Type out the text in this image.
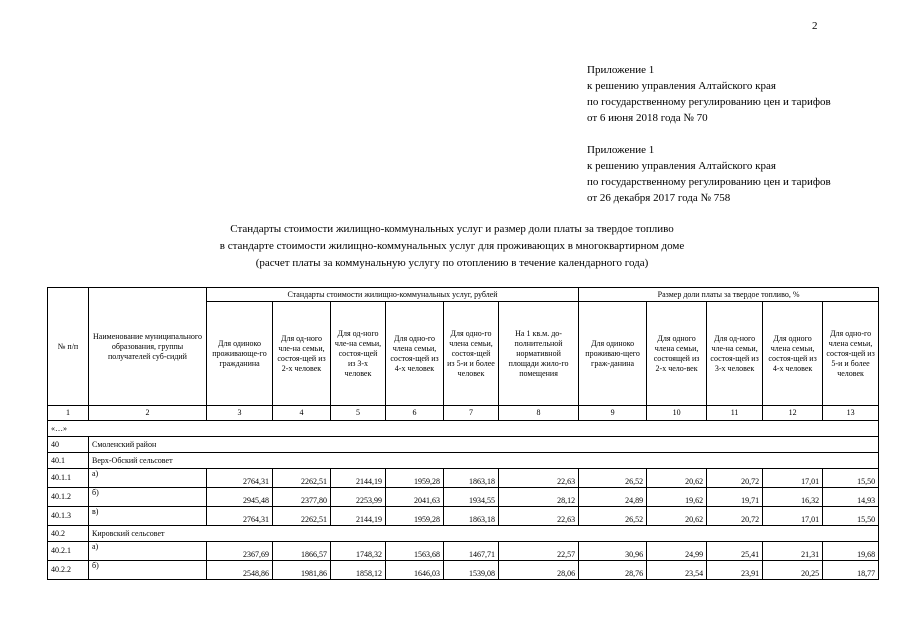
2
Приложение 1
к решению управления Алтайского края
по государственному регулированию цен и тарифов
от 6 июня 2018 года № 70
Приложение 1
к решению управления Алтайского края
по государственному регулированию цен и тарифов
от 26 декабря 2017 года № 758
Стандарты стоимости жилищно-коммунальных услуг и размер доли платы за твердое топливо
в стандарте стоимости жилищно-коммунальных услуг для проживающих в многоквартирном доме
(расчет платы за коммунальную услугу по отоплению в течение календарного года)
№ п/п	Наименование муниципального образования, группы получателей суб-сидий	Стандарты стоимости жилищно-коммунальных услуг, рублей						Размер доли платы за твердое топливо, %				
		Для одиноко проживающе-го гражданина	Для од-ного чле-на семьи, состоя-щей из 2-х человек	Для од-ного чле-на семьи, состоя-щей из 3-х человек	Для одно-го члена семьи, состоя-щей из 4-х человек	Для одно-го члена семьи, состоя-щей из 5-и и более человек	На 1 кв.м. до-полнительной нормативной площади жило-го помещения	Для одиноко проживаю-щего граж-данина	Для одного члена семьи, состоящей из 2-х чело-век	Для од-ного чле-на семьи, состоя-щей из 3-х человек	Для одного члена семьи, состоя-щей из 4-х человек	Для одно-го члена семьи, состоя-щей из 5-и и более человек
1	2	3	4	5	6	7	8	9	10	11	12	13
«…»												
40	Смоленский район											
40.1	Верх-Обский сельсовет											
40.1.1	а)	2764,31	2262,51	2144,19	1959,28	1863,18	22,63	26,52	20,62	20,72	17,01	15,50
40.1.2	б)	2945,48	2377,80	2253,99	2041,63	1934,55	28,12	24,89	19,62	19,71	16,32	14,93
40.1.3	в)	2764,31	2262,51	2144,19	1959,28	1863,18	22,63	26,52	20,62	20,72	17,01	15,50
40.2	Кировский сельсовет											
40.2.1	а)	2367,69	1866,57	1748,32	1563,68	1467,71	22,57	30,96	24,99	25,41	21,31	19,68
40.2.2	б)	2548,86	1981,86	1858,12	1646,03	1539,08	28,06	28,76	23,54	23,91	20,25	18,77
